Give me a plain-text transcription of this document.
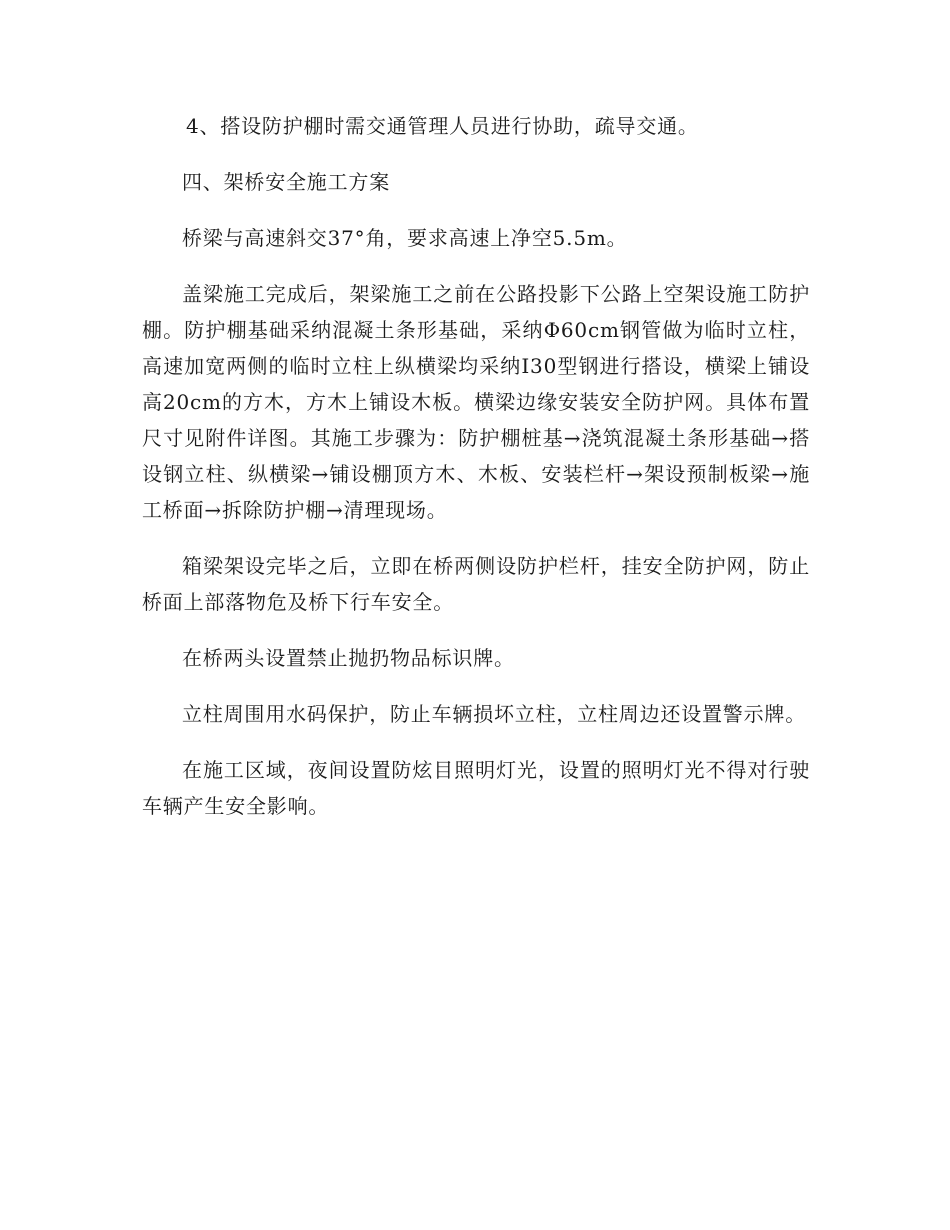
4、搭设防护棚时需交通管理人员进行协助，疏导交通。

四、架桥安全施工方案

桥梁与高速斜交37°角，要求高速上净空5.5m。

盖梁施工完成后，架梁施工之前在公路投影下公路上空架设施工防护棚。防护棚基础采纳混凝土条形基础，采纳Φ60cm钢管做为临时立柱，高速加宽两侧的临时立柱上纵横梁均采纳I30型钢进行搭设，横梁上铺设高20cm的方木，方木上铺设木板。横梁边缘安装安全防护网。具体布置尺寸见附件详图。其施工步骤为：防护棚桩基→浇筑混凝土条形基础→搭设钢立柱、纵横梁→铺设棚顶方木、木板、安装栏杆→架设预制板梁→施工桥面→拆除防护棚→清理现场。

箱梁架设完毕之后，立即在桥两侧设防护栏杆，挂安全防护网，防止桥面上部落物危及桥下行车安全。

在桥两头设置禁止抛扔物品标识牌。

立柱周围用水码保护，防止车辆损坏立柱，立柱周边还设置警示牌。

在施工区域，夜间设置防炫目照明灯光，设置的照明灯光不得对行驶车辆产生安全影响。
